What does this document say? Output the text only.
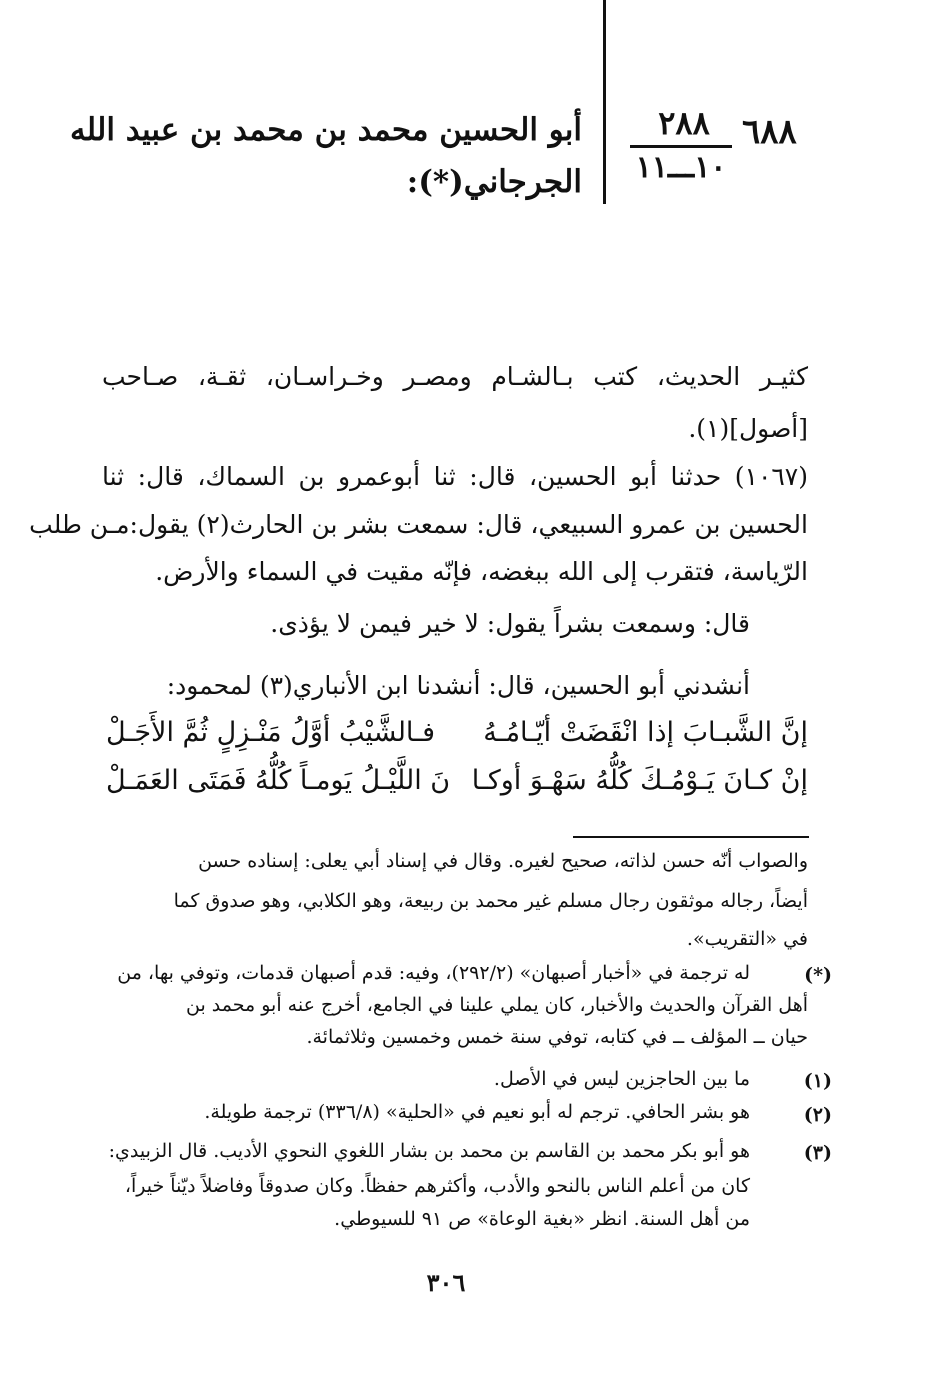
٦٨٨
٢٨٨
١٠ـــ١١
أبو الحسين محمد بن محمد بن عبيد الله
الجرجاني(*):
كثيـر الحديث، كتب بـالشـام ومصـر وخـراسـان، ثقـة، صـاحب
[أصول](١).
(١٠٦٧) حدثنا أبو الحسين، قال: ثنا أبوعمرو بن السماك، قال: ثنا
الحسين بن عمرو السبيعي، قال: سمعت بشر بن الحارث(٢) يقول:مـن طلب
الرّياسة، فتقرب إلى الله ببغضه، فإنّه مقيت في السماء والأرض.
قال: وسمعت بشراً يقول: لا خير فيمن لا يؤذى.
أنشدني أبو الحسين، قال: أنشدنا ابن الأنباري(٣) لمحمود:
إنَّ الشَّبـابَ إذا انْقَضَتْ أيّـامُـهُ
فـالشَّيْبُ أوَّلُ مَنْـزِلٍ ثُمَّ الأَجَـلْ
إنْ كـانَ يَـوْمُـكَ كُلُّهُ سَهْـوَ أوكـا
نَ اللَّيْـلُ يَومـاً كُلُّهُ فَمَتَى العَمَـلْ
والصواب أنّه حسن لذاته، صحيح لغيره. وقال في إسناد أبي يعلى: إسناده حسن
أيضاً، رجاله موثقون رجال مسلم غير محمد بن ربيعة، وهو الكلابي، وهو صدوق كما
في «التقريب».
(*)
له ترجمة في «أخبار أصبهان» (٢٩٢/٢)، وفيه: قدم أصبهان قدمات، وتوفي بها، من
أهل القرآن والحديث والأخبار، كان يملي علينا في الجامع، أخرج عنه أبو محمد بن
حيان ــ المؤلف ــ في كتابه، توفي سنة خمس وخمسين وثلاثمائة.
(١)
ما بين الحاجزين ليس في الأصل.
(٢)
هو بشر الحافي. ترجم له أبو نعيم في «الحلية» (٣٣٦/٨) ترجمة طويلة.
(٣)
هو أبو بكر محمد بن القاسم بن محمد بن بشار اللغوي النحوي الأديب. قال الزبيدي:
كان من أعلم الناس بالنحو والأدب، وأكثرهم حفظاً. وكان صدوقاً وفاضلاً ديّناً خيراً،
من أهل السنة. انظر «بغية الوعاة» ص ٩١ للسيوطي.
٣٠٦
